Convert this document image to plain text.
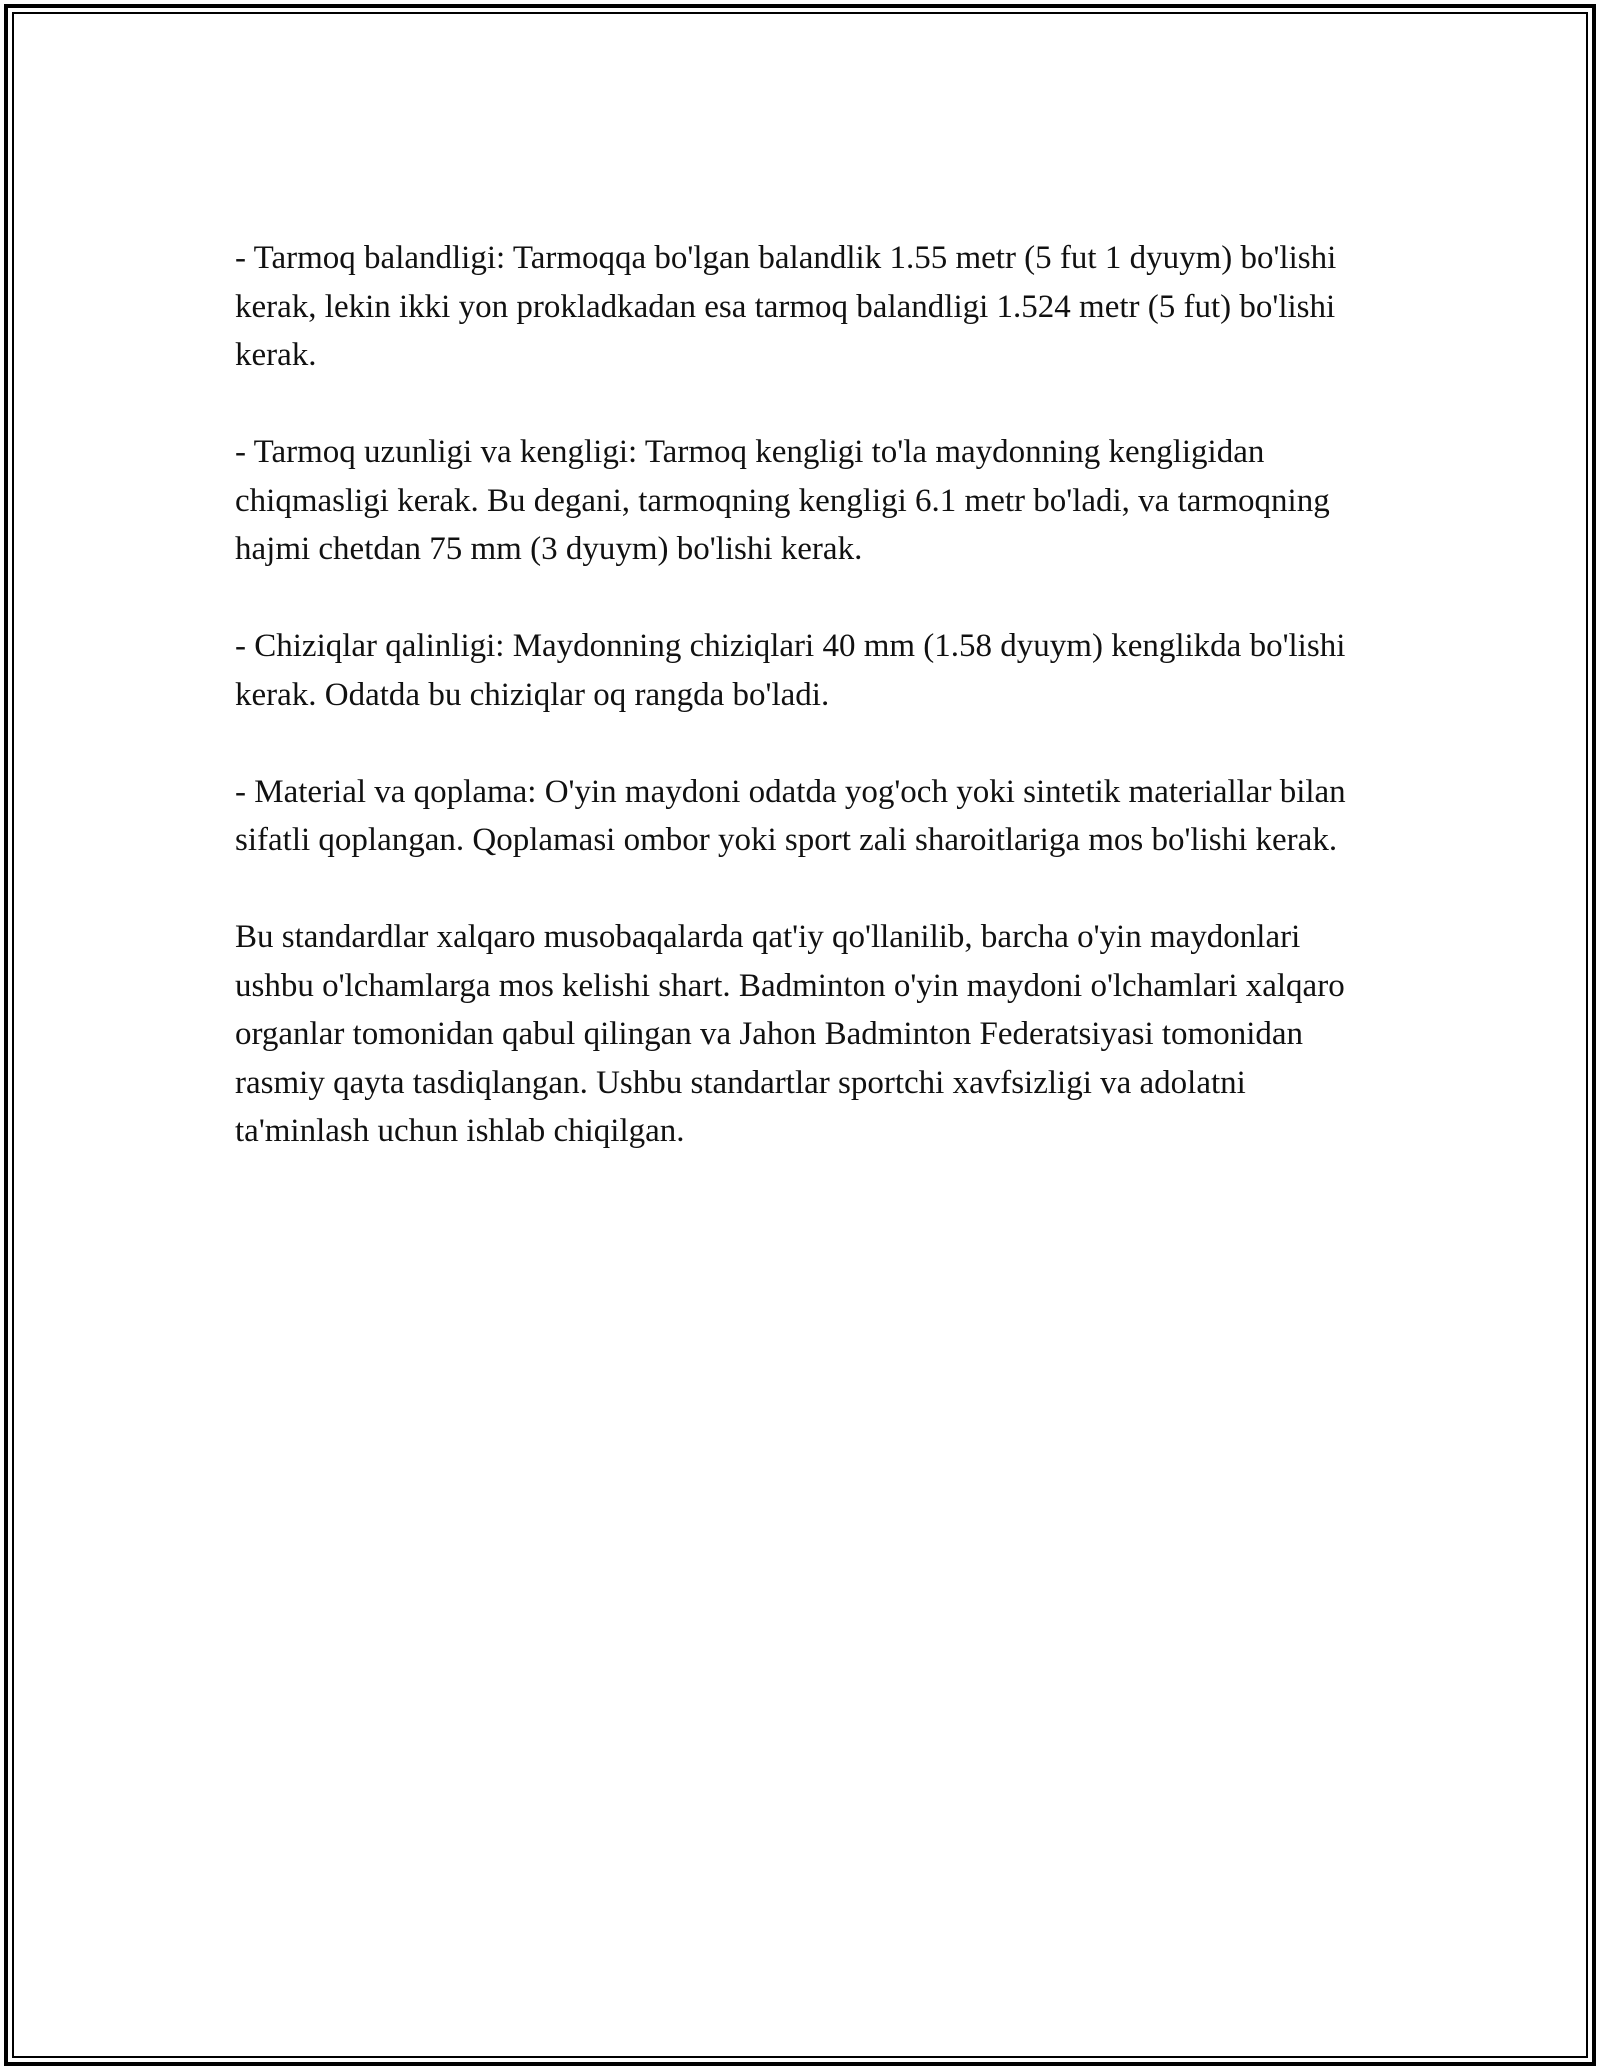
- Tarmoq balandligi: Tarmoqqa bo'lgan balandlik 1.55 metr (5 fut 1 dyuym) bo'lishi kerak, lekin ikki yon prokladkadan esa tarmoq balandligi 1.524 metr (5 fut) bo'lishi kerak.

- Tarmoq uzunligi va kengligi: Tarmoq kengligi to'la maydonning kengligidan chiqmasligi kerak. Bu degani, tarmoqning kengligi 6.1 metr bo'ladi, va tarmoqning hajmi chetdan 75 mm (3 dyuym) bo'lishi kerak.

- Chiziqlar qalinligi: Maydonning chiziqlari 40 mm (1.58 dyuym) kenglikda bo'lishi kerak. Odatda bu chiziqlar oq rangda bo'ladi.

- Material va qoplama: O'yin maydoni odatda yog'och yoki sintetik materiallar bilan sifatli qoplangan. Qoplamasi ombor yoki sport zali sharoitlariga mos bo'lishi kerak.

Bu standardlar xalqaro musobaqalarda qat'iy qo'llanilib, barcha o'yin maydonlari ushbu o'lchamlarga mos kelishi shart. Badminton o'yin maydoni o'lchamlari xalqaro organlar tomonidan qabul qilingan va Jahon Badminton Federatsiyasi tomonidan rasmiy qayta tasdiqlangan. Ushbu standartlar sportchi xavfsizligi va adolatni ta'minlash uchun ishlab chiqilgan.
